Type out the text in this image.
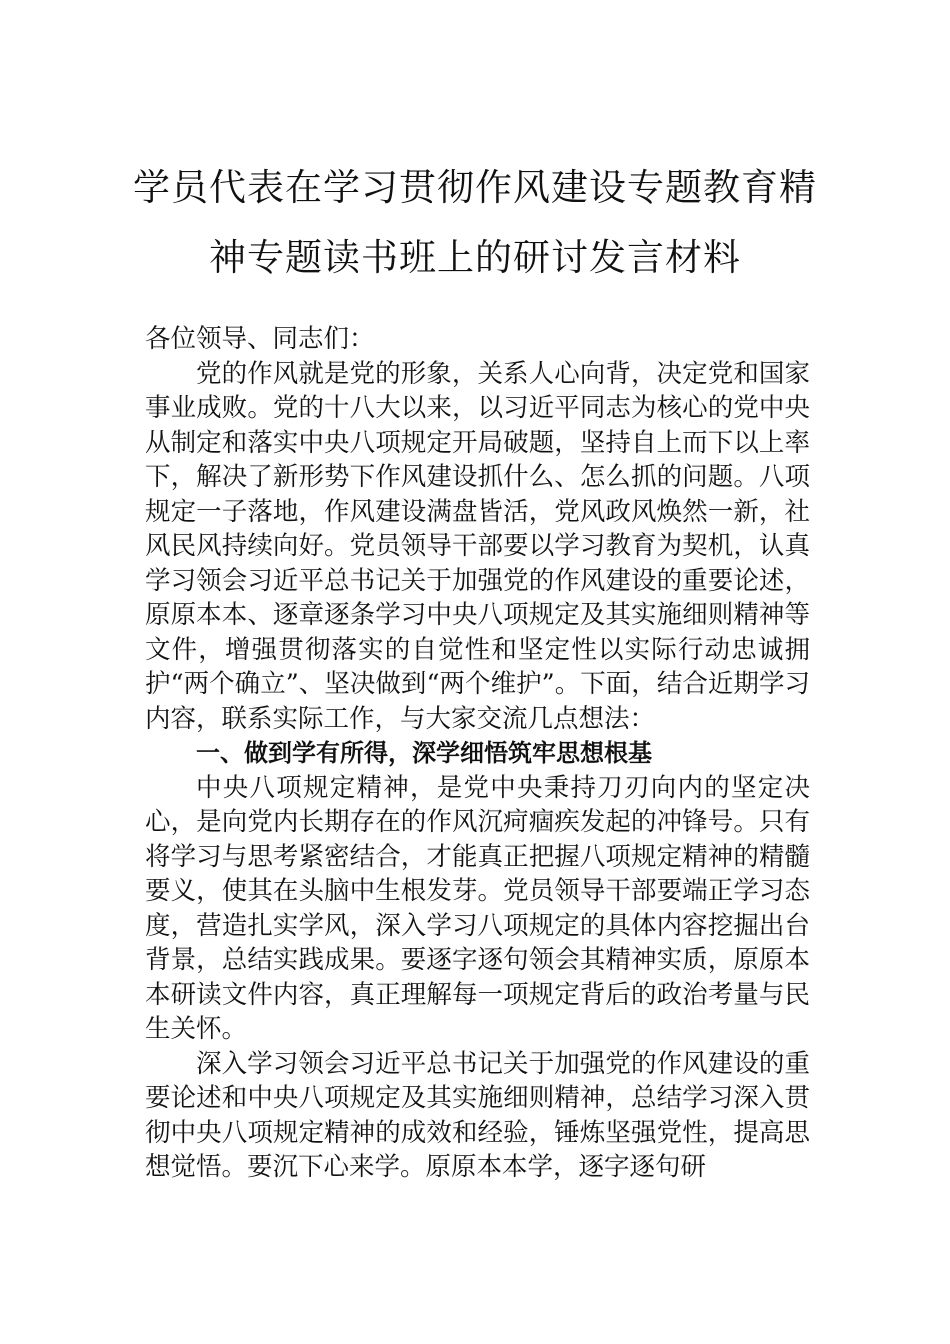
学员代表在学习贯彻作风建设专题教育精
神专题读书班上的研讨发言材料

各位领导、同志们：

党的作风就是党的形象，关系人心向背，决定党和国家事业成败。党的十八大以来，以习近平同志为核心的党中央从制定和落实中央八项规定开局破题，坚持自上而下以上率下，解决了新形势下作风建设抓什么、怎么抓的问题。八项规定一子落地，作风建设满盘皆活，党风政风焕然一新，社风民风持续向好。党员领导干部要以学习教育为契机，认真学习领会习近平总书记关于加强党的作风建设的重要论述，原原本本、逐章逐条学习中央八项规定及其实施细则精神等文件，增强贯彻落实的自觉性和坚定性以实际行动忠诚拥护“两个确立”、坚决做到“两个维护”。下面，结合近期学习内容，联系实际工作，与大家交流几点想法：

一、做到学有所得，深学细悟筑牢思想根基

中央八项规定精神，是党中央秉持刀刃向内的坚定决心，是向党内长期存在的作风沉疴痼疾发起的冲锋号。只有将学习与思考紧密结合，才能真正把握八项规定精神的精髓要义，使其在头脑中生根发芽。党员领导干部要端正学习态度，营造扎实学风，深入学习八项规定的具体内容挖掘出台背景，总结实践成果。要逐字逐句领会其精神实质，原原本本研读文件内容，真正理解每一项规定背后的政治考量与民生关怀。

深入学习领会习近平总书记关于加强党的作风建设的重要论述和中央八项规定及其实施细则精神，总结学习深入贯彻中央八项规定精神的成效和经验，锤炼坚强党性，提高思想觉悟。要沉下心来学。原原本本学，逐字逐句研
